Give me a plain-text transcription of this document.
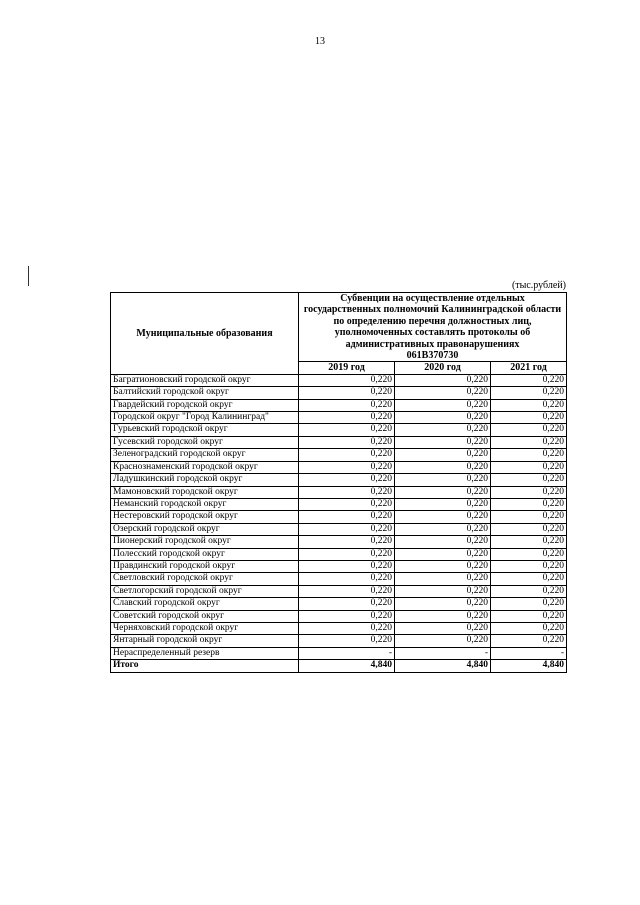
13
(тыс.рублей)
Муниципальные образования	Субвенции на осуществление отдельных государственных полномочий Калининградской области по определению перечня должностных лиц, уполномоченных составлять протоколы об административных правонарушениях
061В370730		

	2019 год	2020 год	2021 год
Багратионовский городской округ	0,220	0,220	0,220
Балтийский городской округ	0,220	0,220	0,220
Гвардейский городской округ	0,220	0,220	0,220
Городской округ "Город Калининград"	0,220	0,220	0,220
Гурьевский городской округ	0,220	0,220	0,220
Гусевский городской округ	0,220	0,220	0,220
Зеленоградский городской округ	0,220	0,220	0,220
Краснознаменский городской округ	0,220	0,220	0,220
Ладушкинский городской округ	0,220	0,220	0,220
Мамоновский городской округ	0,220	0,220	0,220
Неманский городской округ	0,220	0,220	0,220
Нестеровский городской округ	0,220	0,220	0,220
Озерский городской округ	0,220	0,220	0,220
Пионерский городской округ	0,220	0,220	0,220
Полесский городской округ	0,220	0,220	0,220
Правдинский городской округ	0,220	0,220	0,220
Светловский городской округ	0,220	0,220	0,220
Светлогорский городской округ	0,220	0,220	0,220
Славский городской округ	0,220	0,220	0,220
Советский городской округ	0,220	0,220	0,220
Черняховский городской округ	0,220	0,220	0,220
Янтарный городской округ	0,220	0,220	0,220
Нераспределенный резерв	-	-	-
Итого	4,840	4,840	4,840
